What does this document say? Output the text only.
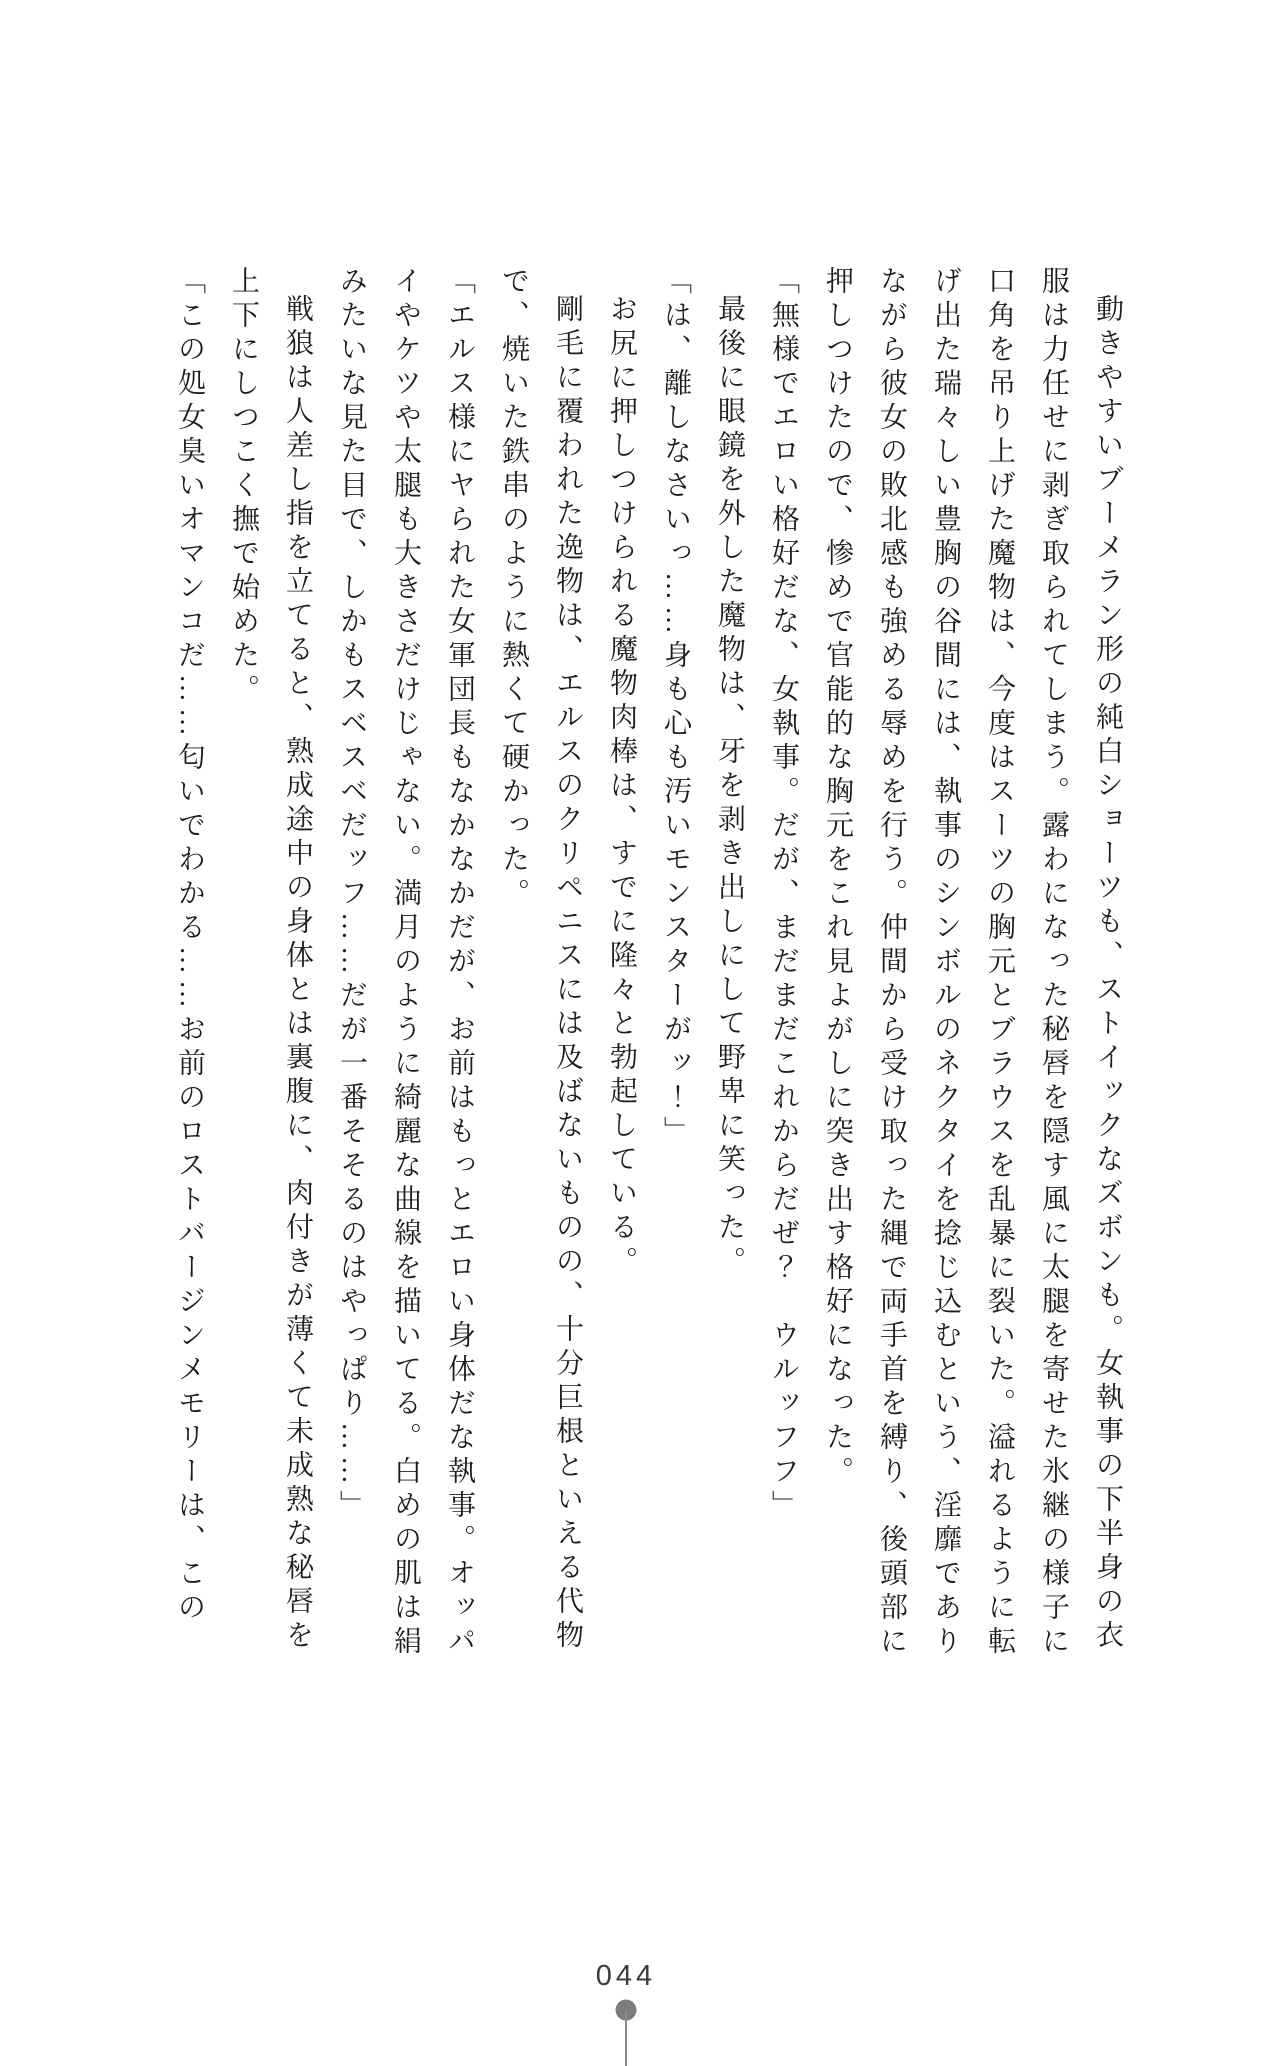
動きやすいブーメラン形の純白ショーツも、ストイックなズボンも。女執事の下半身の衣服は力任せに剥ぎ取られてしまう。露わになった秘唇を隠す風に太腿を寄せた氷継の様子に口角を吊り上げた魔物は、今度はスーツの胸元とブラウスを乱暴に裂いた。溢れるように転げ出た瑞々しい豊胸の谷間には、執事のシンボルのネクタイを捻じ込むという、淫靡でありながら彼女の敗北感も強める辱めを行う。仲間から受け取った縄で両手首を縛り、後頭部に押しつけたので、惨めで官能的な胸元をこれ見よがしに突き出す格好になった。

「無様でエロい格好だな、女執事。だが、まだまだこれからだぜ？　ウルッフフ」

最後に眼鏡を外した魔物は、牙を剥き出しにして野卑に笑った。

「は、離しなさいっ……身も心も汚いモンスターがッ！」

お尻に押しつけられる魔物肉棒は、すでに隆々と勃起している。

剛毛に覆われた逸物は、エルスのクリペニスには及ばないものの、十分巨根といえる代物で、焼いた鉄串のように熱くて硬かった。

「エルス様にヤられた女軍団長もなかなかだが、お前はもっとエロい身体だな執事。オッパイやケツや太腿も大きさだけじゃない。満月のように綺麗な曲線を描いてる。白めの肌は絹みたいな見た目で、しかもスベスベだッフ……だが一番そそるのはやっぱり……」

戦狼は人差し指を立てると、熟成途中の身体とは裏腹に、肉付きが薄くて未成熟な秘唇を上下にしつこく撫で始めた。

「この処女臭いオマンコだ……匂いでわかる……お前のロストバージンメモリーは、この

044
